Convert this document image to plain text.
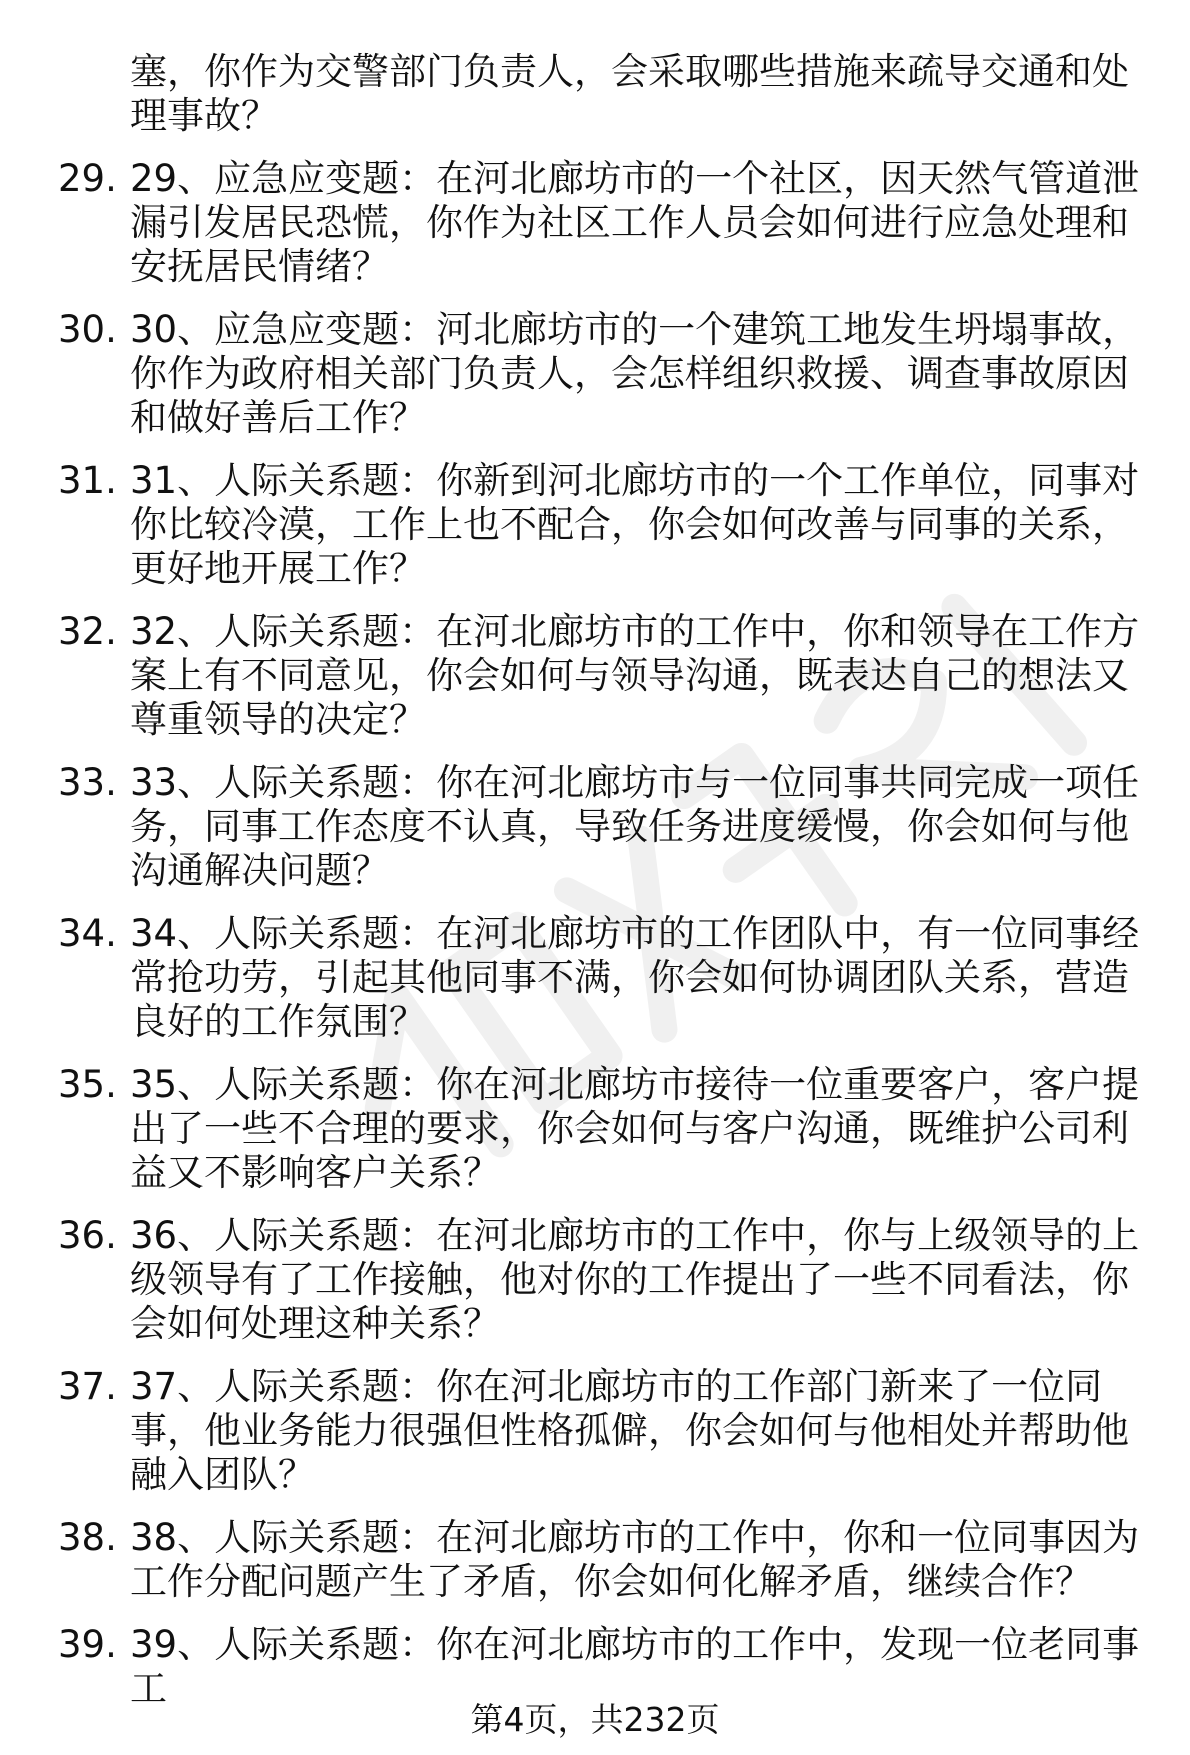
塞，你作为交警部门负责人，会采取哪些措施来疏导交通和处理事故？
29. 29、应急应变题：在河北廊坊市的一个社区，因天然气管道泄漏引发居民恐慌，你作为社区工作人员会如何进行应急处理和安抚居民情绪？
30. 30、应急应变题：河北廊坊市的一个建筑工地发生坍塌事故，你作为政府相关部门负责人，会怎样组织救援、调查事故原因和做好善后工作？
31. 31、人际关系题：你新到河北廊坊市的一个工作单位，同事对你比较冷漠，工作上也不配合，你会如何改善与同事的关系，更好地开展工作？
32. 32、人际关系题：在河北廊坊市的工作中，你和领导在工作方案上有不同意见，你会如何与领导沟通，既表达自己的想法又尊重领导的决定？
33. 33、人际关系题：你在河北廊坊市与一位同事共同完成一项任务，同事工作态度不认真，导致任务进度缓慢，你会如何与他沟通解决问题？
34. 34、人际关系题：在河北廊坊市的工作团队中，有一位同事经常抢功劳，引起其他同事不满，你会如何协调团队关系，营造良好的工作氛围？
35. 35、人际关系题：你在河北廊坊市接待一位重要客户，客户提出了一些不合理的要求，你会如何与客户沟通，既维护公司利益又不影响客户关系？
36. 36、人际关系题：在河北廊坊市的工作中，你与上级领导的上级领导有了工作接触，他对你的工作提出了一些不同看法，你会如何处理这种关系？
37. 37、人际关系题：你在河北廊坊市的工作部门新来了一位同事，他业务能力很强但性格孤僻，你会如何与他相处并帮助他融入团队？
38. 38、人际关系题：在河北廊坊市的工作中，你和一位同事因为工作分配问题产生了矛盾，你会如何化解矛盾，继续合作？
39. 39、人际关系题：你在河北廊坊市的工作中，发现一位老同事工
第4页，共232页
